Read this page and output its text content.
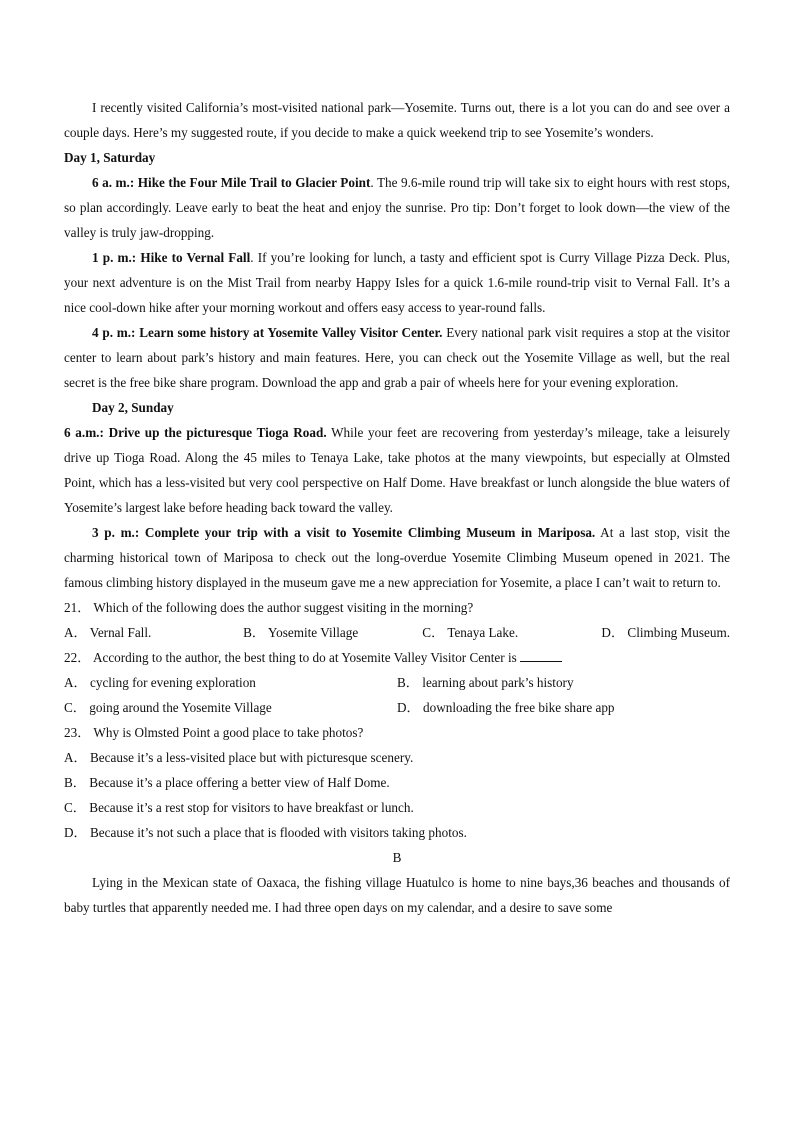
I recently visited California’s most-visited national park—Yosemite. Turns out, there is a lot you can do and see over a couple days. Here’s my suggested route, if you decide to make a quick weekend trip to see Yosemite’s wonders.

Day 1, Saturday

6 a. m.: Hike the Four Mile Trail to Glacier Point. The 9.6-mile round trip will take six to eight hours with rest stops, so plan accordingly. Leave early to beat the heat and enjoy the sunrise. Pro tip: Don’t forget to look down—the view of the valley is truly jaw-dropping.

1 p. m.: Hike to Vernal Fall. If you’re looking for lunch, a tasty and efficient spot is Curry Village Pizza Deck. Plus, your next adventure is on the Mist Trail from nearby Happy Isles for a quick 1.6-mile round-trip visit to Vernal Fall. It’s a nice cool-down hike after your morning workout and offers easy access to year-round falls.

4 p. m.: Learn some history at Yosemite Valley Visitor Center. Every national park visit requires a stop at the visitor center to learn about park’s history and main features. Here, you can check out the Yosemite Village as well, but the real secret is the free bike share program. Download the app and grab a pair of wheels here for your evening exploration.

Day 2, Sunday

6 a.m.: Drive up the picturesque Tioga Road. While your feet are recovering from yesterday’s mileage, take a leisurely drive up Tioga Road. Along the 45 miles to Tenaya Lake, take photos at the many viewpoints, but especially at Olmsted Point, which has a less-visited but very cool perspective on Half Dome. Have breakfast or lunch alongside the blue waters of Yosemite’s largest lake before heading back toward the valley.

3 p. m.: Complete your trip with a visit to Yosemite Climbing Museum in Mariposa. At a last stop, visit the charming historical town of Mariposa to check out the long-overdue Yosemite Climbing Museum opened in 2021. The famous climbing history displayed in the museum gave me a new appreciation for Yosemite, a place I can’t wait to return to.

21． Which of the following does the author suggest visiting in the morning?
A． Vernal Fall.	B． Yosemite Village	C． Tenaya Lake.	D． Climbing Museum.
22． According to the author, the best thing to do at Yosemite Valley Visitor Center is
A． cycling for evening exploration	B． learning about park’s history
C． going around the Yosemite Village	D． downloading the free bike share app
23． Why is Olmsted Point a good place to take photos?
A． Because it’s a less-visited place but with picturesque scenery.
B． Because it’s a place offering a better view of Half Dome.
C． Because it’s a rest stop for visitors to have breakfast or lunch.
D． Because it’s not such a place that is flooded with visitors taking photos.
B

Lying in the Mexican state of Oaxaca, the fishing village Huatulco is home to nine bays,36 beaches and thousands of baby turtles that apparently needed me. I had three open days on my calendar, and a desire to save some
